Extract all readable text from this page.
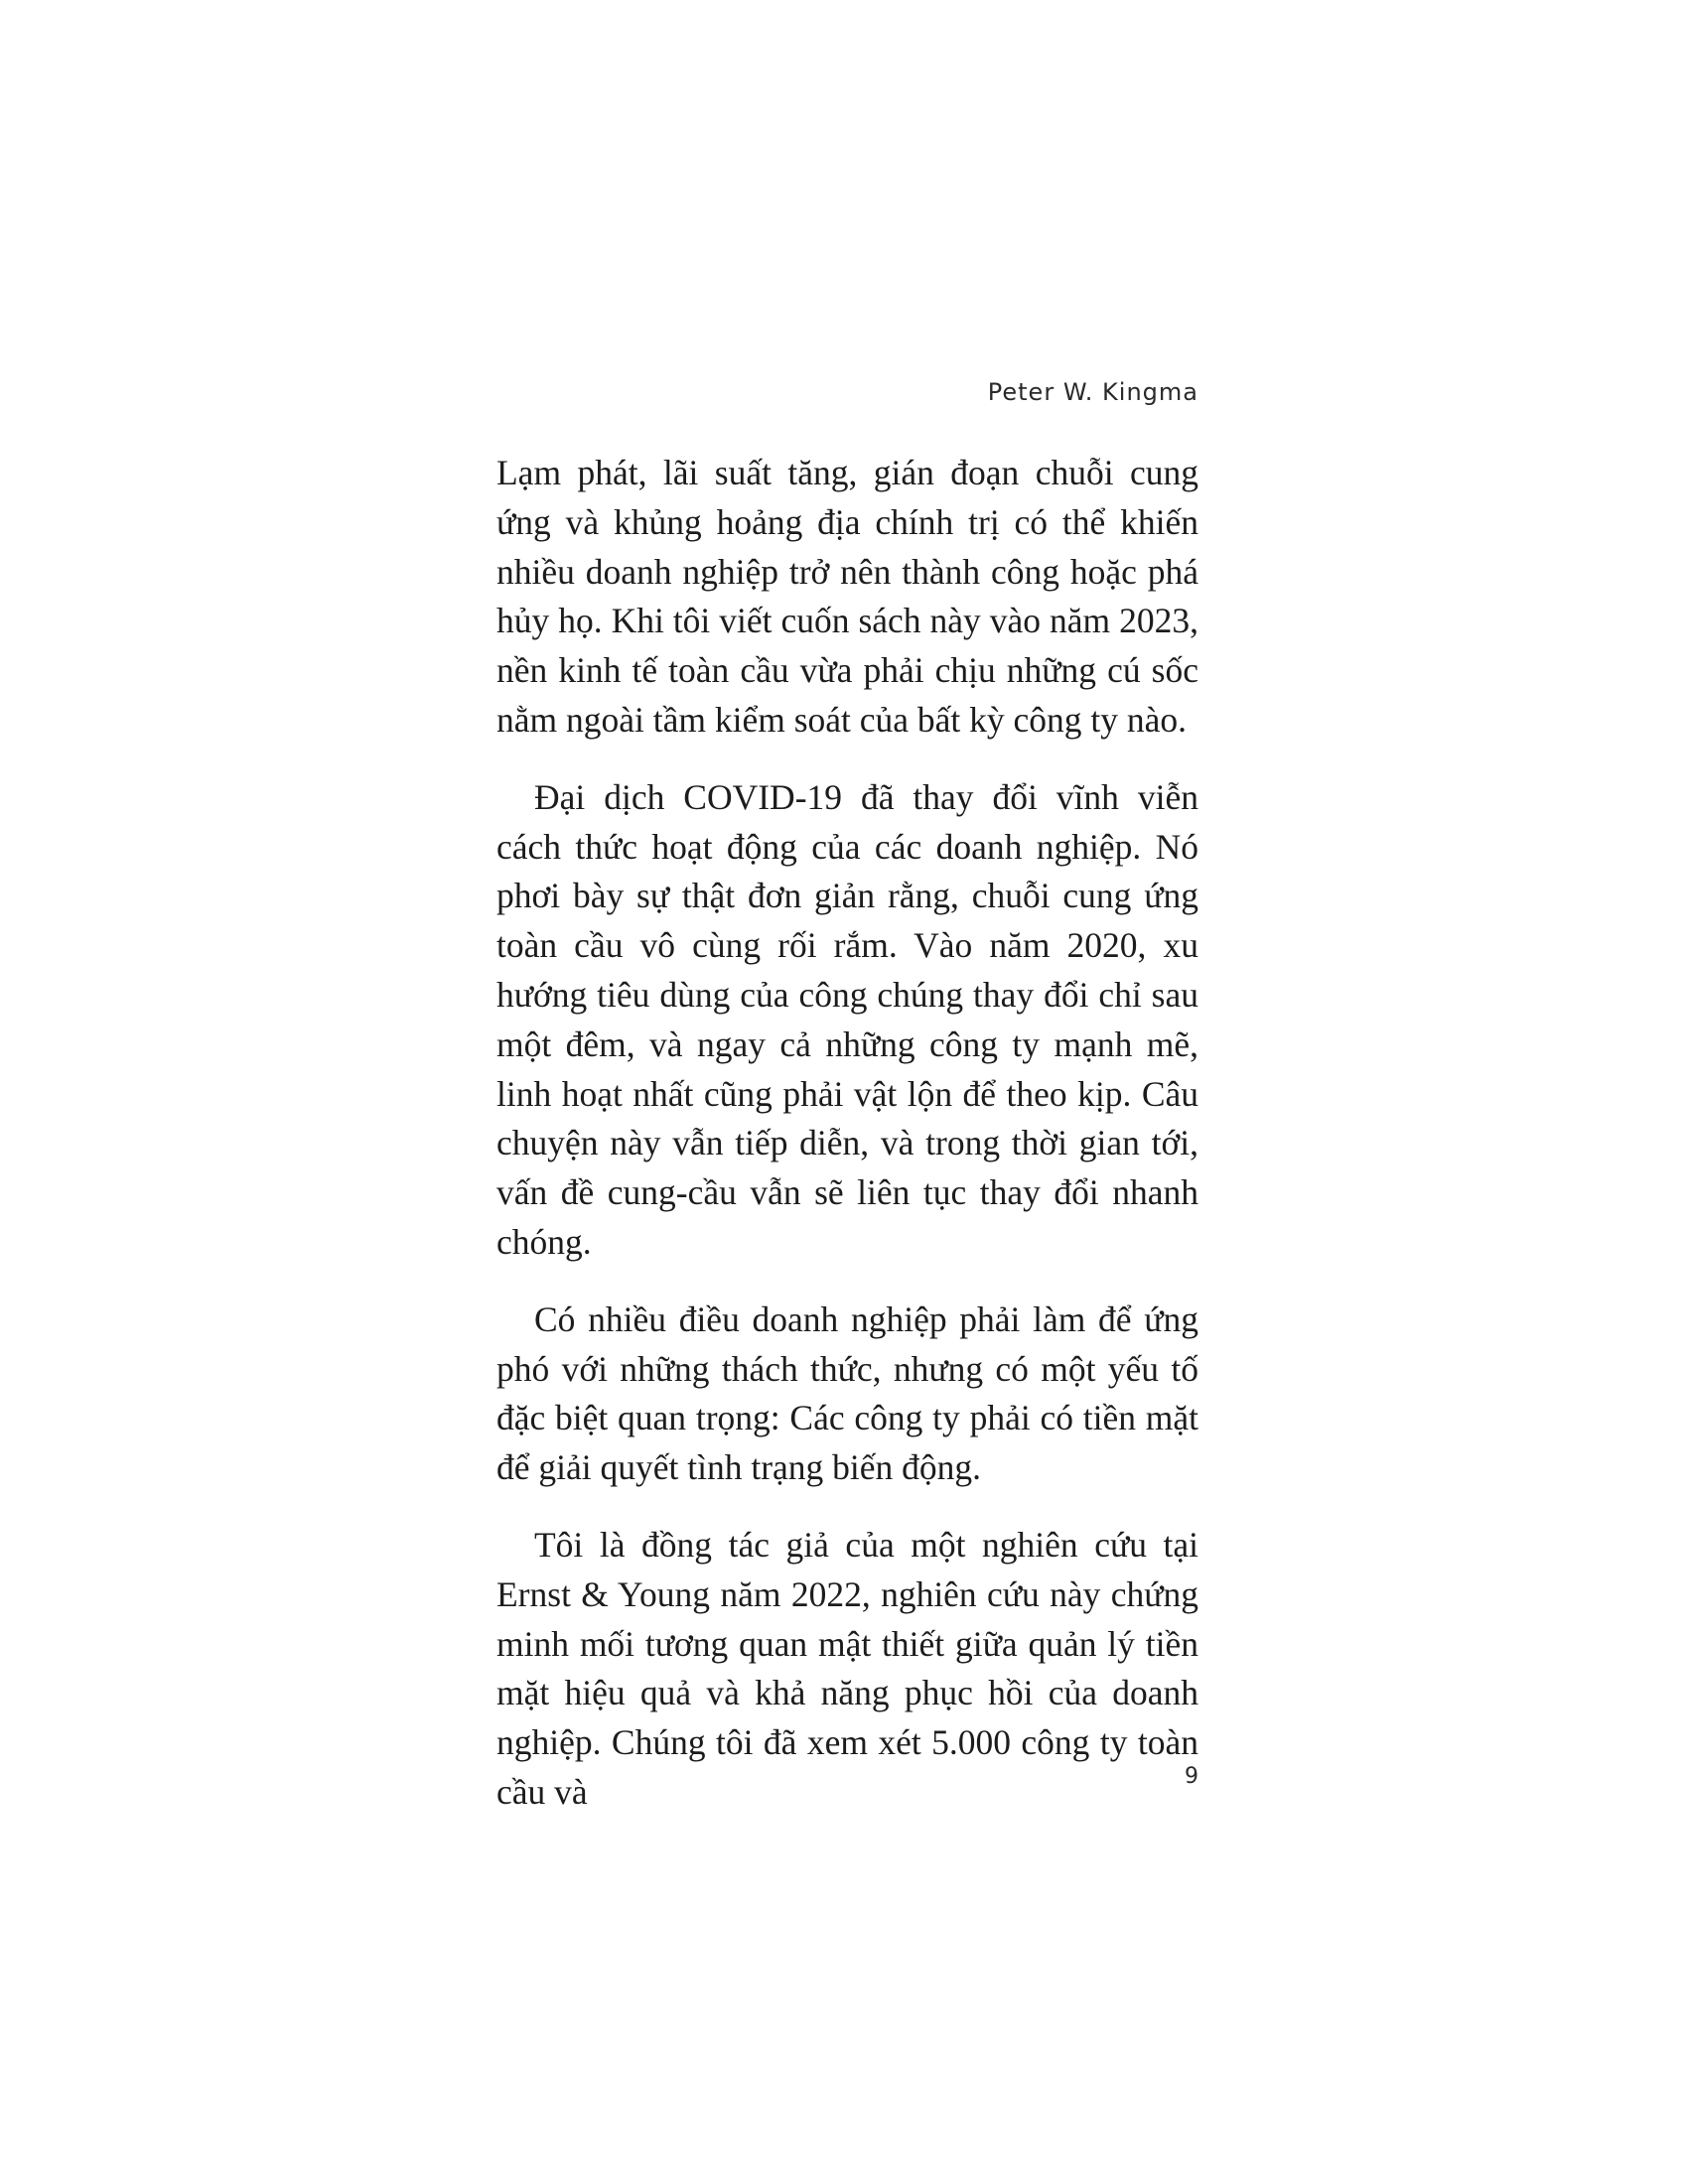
Peter W. Kingma

Lạm phát, lãi suất tăng, gián đoạn chuỗi cung ứng và khủng hoảng địa chính trị có thể khiến nhiều doanh nghiệp trở nên thành công hoặc phá hủy họ. Khi tôi viết cuốn sách này vào năm 2023, nền kinh tế toàn cầu vừa phải chịu những cú sốc nằm ngoài tầm kiểm soát của bất kỳ công ty nào.

Đại dịch COVID-19 đã thay đổi vĩnh viễn cách thức hoạt động của các doanh nghiệp. Nó phơi bày sự thật đơn giản rằng, chuỗi cung ứng toàn cầu vô cùng rối rắm. Vào năm 2020, xu hướng tiêu dùng của công chúng thay đổi chỉ sau một đêm, và ngay cả những công ty mạnh mẽ, linh hoạt nhất cũng phải vật lộn để theo kịp. Câu chuyện này vẫn tiếp diễn, và trong thời gian tới, vấn đề cung-cầu vẫn sẽ liên tục thay đổi nhanh chóng.

Có nhiều điều doanh nghiệp phải làm để ứng phó với những thách thức, nhưng có một yếu tố đặc biệt quan trọng: Các công ty phải có tiền mặt để giải quyết tình trạng biến động.

Tôi là đồng tác giả của một nghiên cứu tại Ernst & Young năm 2022, nghiên cứu này chứng minh mối tương quan mật thiết giữa quản lý tiền mặt hiệu quả và khả năng phục hồi của doanh nghiệp. Chúng tôi đã xem xét 5.000 công ty toàn cầu và	9
